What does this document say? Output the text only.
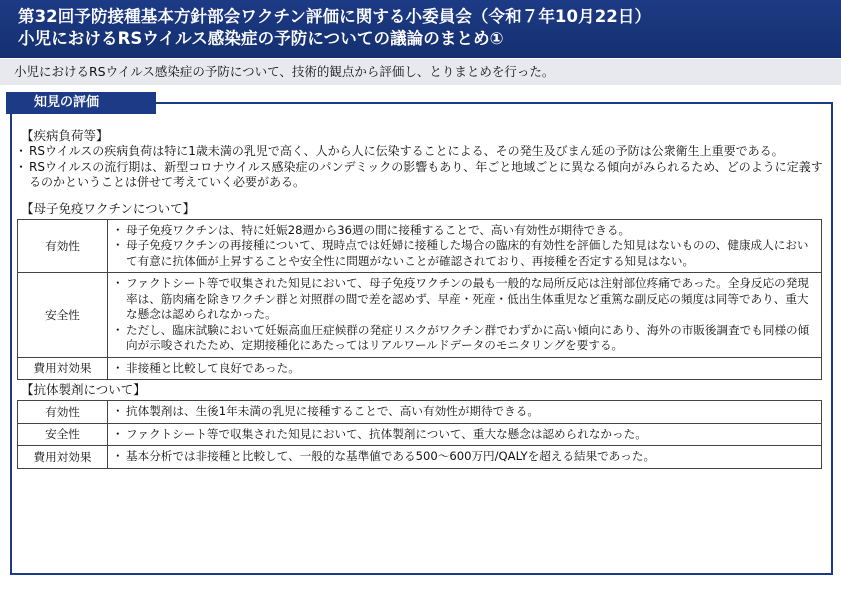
第32回予防接種基本方針部会ワクチン評価に関する小委員会（令和７年10月22日）
小児におけるRSウイルス感染症の予防についての議論のまとめ①
小児におけるRSウイルス感染症の予防について、技術的観点から評価し、とりまとめを行った。
知見の評価
【疾病負荷等】
・ RSウイルスの疾病負荷は特に1歳未満の乳児で高く、人から人に伝染することによる、その発生及びまん延の予防は公衆衛生上重要である。
・ RSウイルスの流行期は、新型コロナウイルス感染症のパンデミックの影響もあり、年ごと地域ごとに異なる傾向がみられるため、どのように定義するのかということは併せて考えていく必要がある。
【母子免疫ワクチンについて】
有効性	・ 母子免疫ワクチンは、特に妊娠28週から36週の間に接種することで、高い有効性が期待できる。
・ 母子免疫ワクチンの再接種について、現時点では妊婦に接種した場合の臨床的有効性を評価した知見はないものの、健康成人において有意に抗体価が上昇することや安全性に問題がないことが確認されており、再接種を否定する知見はない。

安全性	・ ファクトシート等で収集された知見において、母子免疫ワクチンの最も一般的な局所反応は注射部位疼痛であった。全身反応の発現率は、筋肉痛を除きワクチン群と対照群の間で差を認めず、早産・死産・低出生体重児など重篤な副反応の頻度は同等であり、重大な懸念は認められなかった。
・ ただし、臨床試験において妊娠高血圧症候群の発症リスクがワクチン群でわずかに高い傾向にあり、海外の市販後調査でも同様の傾向が示唆されたため、定期接種化にあたってはリアルワールドデータのモニタリングを要する。

費用対効果	・ 非接種と比較して良好であった。
【抗体製剤について】
有効性	・ 抗体製剤は、生後1年未満の乳児に接種することで、高い有効性が期待できる。

安全性	・ ファクトシート等で収集された知見において、抗体製剤について、重大な懸念は認められなかった。

費用対効果	・ 基本分析では非接種と比較して、一般的な基準値である500～600万円/QALYを超える結果であった。
